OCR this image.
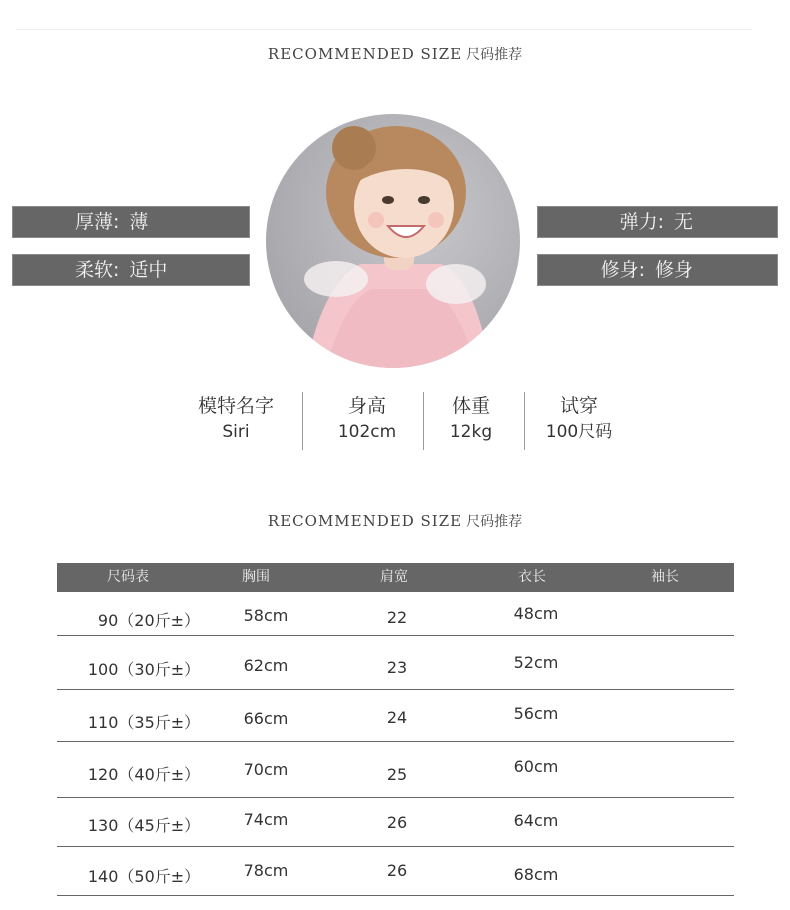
RECOMMENDED SIZE 尺码推荐
厚薄: 薄
柔软: 适中
弹力: 无
修身: 修身
模特名字
Siri
身高
102cm
体重
12kg
试穿
100尺码
RECOMMENDED SIZE 尺码推荐
尺码表	胸围	肩宽	衣长	袖长
90（20斤±）	58cm	22	48cm
100（30斤±）	62cm	23	52cm
110（35斤±）	66cm	24	56cm
120（40斤±）	70cm	25	60cm
130（45斤±）	74cm	26	64cm
140（50斤±）	78cm	26	68cm
